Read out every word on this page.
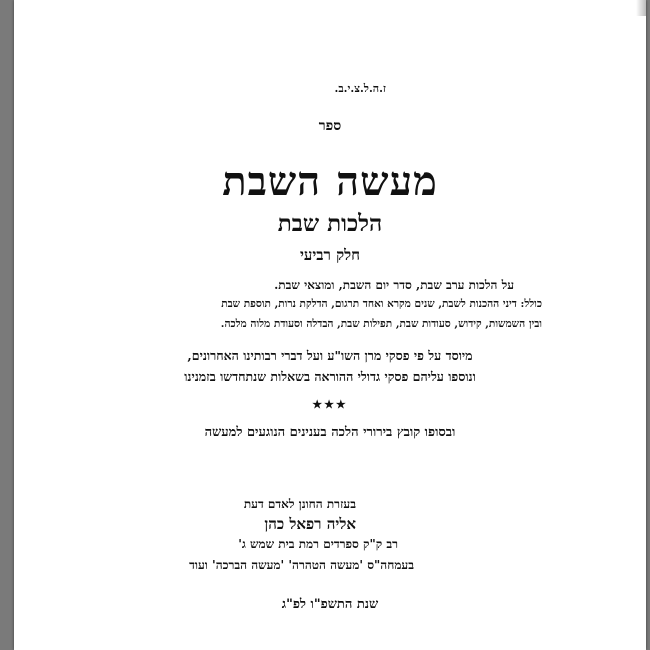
ז.ה.ל.צ.י.ב.
ספר
מעשה השבת
הלכות שבת
חלק רביעי
על הלכות ערב שבת, סדר יום השבת, ומוצאי שבת.
כולל: דיני ההכנות לשבת, שנים מקרא ואחד תרגום, הדלקת נרות, תוספת שבת
ובין השמשות, קידוש, סעודות שבת, תפילות שבת, הבדלה וסעודת מלוה מלכה.
מיוסד על פי פסקי מרן השו"ע ועל דברי רבותינו האחרונים,
ונוספו עליהם פסקי גדולי ההוראה בשאלות שנתחדשו בזמנינו
★★★
ובסופו קובץ בירורי הלכה בענינים הנוגעים למעשה
בעזרת החונן לאדם דעת
אליה רפאל כהן
רב ק"ק ספרדים רמת בית שמש ג'
בעמחה"ס 'מעשה הטהרה' 'מעשה הברכה' ועוד
שנת התשפ"ו לפ"ג
